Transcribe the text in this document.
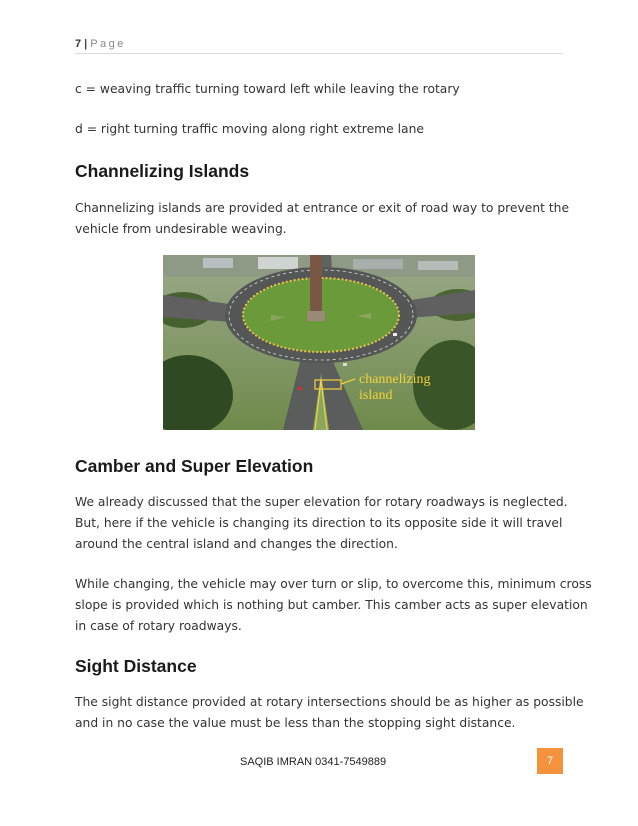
7 | Page
c = weaving traffic turning toward left while leaving the rotary
d = right turning traffic moving along right extreme lane
Channelizing Islands
Channelizing islands are provided at entrance or exit of road way to prevent the
vehicle from undesirable weaving.
channelizing
island
Camber and Super Elevation
We already discussed that the super elevation for rotary roadways is neglected.
But, here if the vehicle is changing its direction to its opposite side it will travel
around the central island and changes the direction.
While changing, the vehicle may over turn or slip, to overcome this, minimum cross
slope is provided which is nothing but camber. This camber acts as super elevation
in case of rotary roadways.
Sight Distance
The sight distance provided at rotary intersections should be as higher as possible
and in no case the value must be less than the stopping sight distance.
SAQIB IMRAN 0341-7549889	7
